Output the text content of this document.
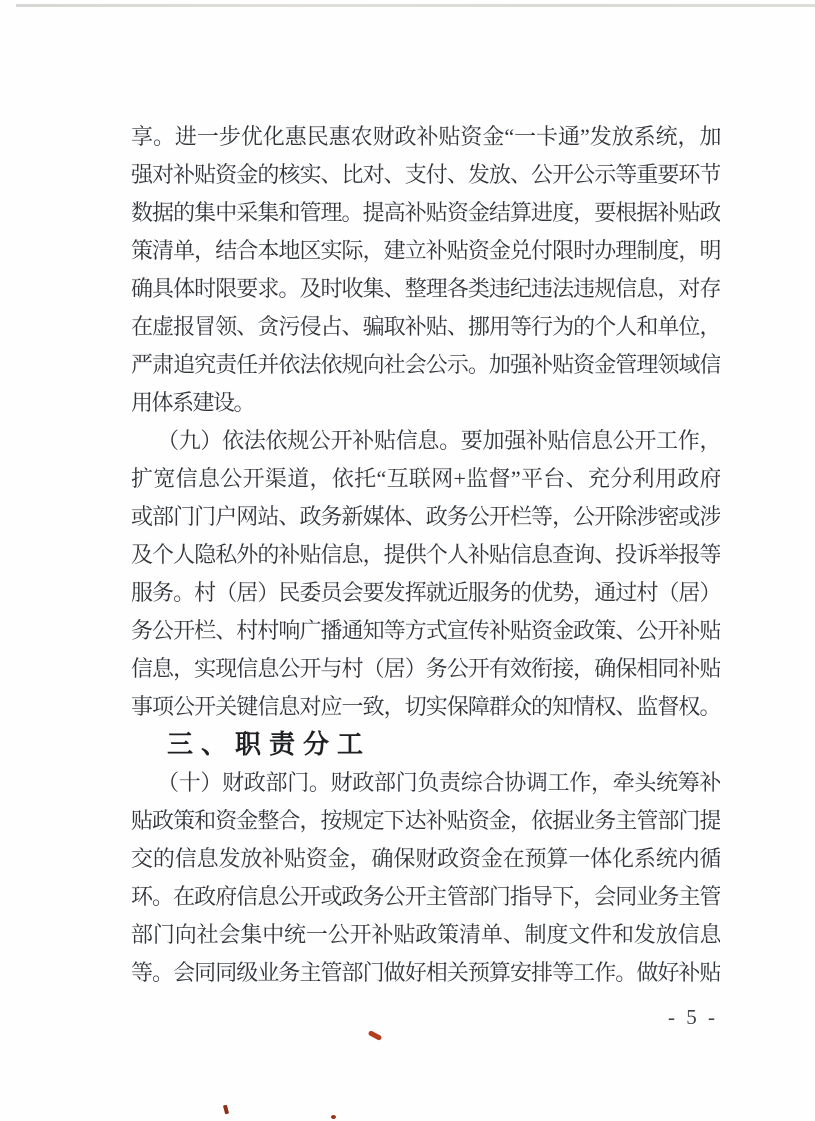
享。进一步优化惠民惠农财政补贴资金“一卡通”发放系统，加
强对补贴资金的核实、比对、支付、发放、公开公示等重要环节
数据的集中采集和管理。提高补贴资金结算进度，要根据补贴政
策清单，结合本地区实际，建立补贴资金兑付限时办理制度，明
确具体时限要求。及时收集、整理各类违纪违法违规信息，对存
在虚报冒领、贪污侵占、骗取补贴、挪用等行为的个人和单位，
严肃追究责任并依法依规向社会公示。加强补贴资金管理领域信
用体系建设。
（九）依法依规公开补贴信息。要加强补贴信息公开工作，
扩宽信息公开渠道，依托“互联网+监督”平台、充分利用政府
或部门门户网站、政务新媒体、政务公开栏等，公开除涉密或涉
及个人隐私外的补贴信息，提供个人补贴信息查询、投诉举报等
服务。村（居）民委员会要发挥就近服务的优势，通过村（居）
务公开栏、村村响广播通知等方式宣传补贴资金政策、公开补贴
信息，实现信息公开与村（居）务公开有效衔接，确保相同补贴
事项公开关键信息对应一致，切实保障群众的知情权、监督权。
三、职责分工
（十）财政部门。财政部门负责综合协调工作，牵头统筹补
贴政策和资金整合，按规定下达补贴资金，依据业务主管部门提
交的信息发放补贴资金，确保财政资金在预算一体化系统内循
环。在政府信息公开或政务公开主管部门指导下，会同业务主管
部门向社会集中统一公开补贴政策清单、制度文件和发放信息
等。会同同级业务主管部门做好相关预算安排等工作。做好补贴
- 5 -
